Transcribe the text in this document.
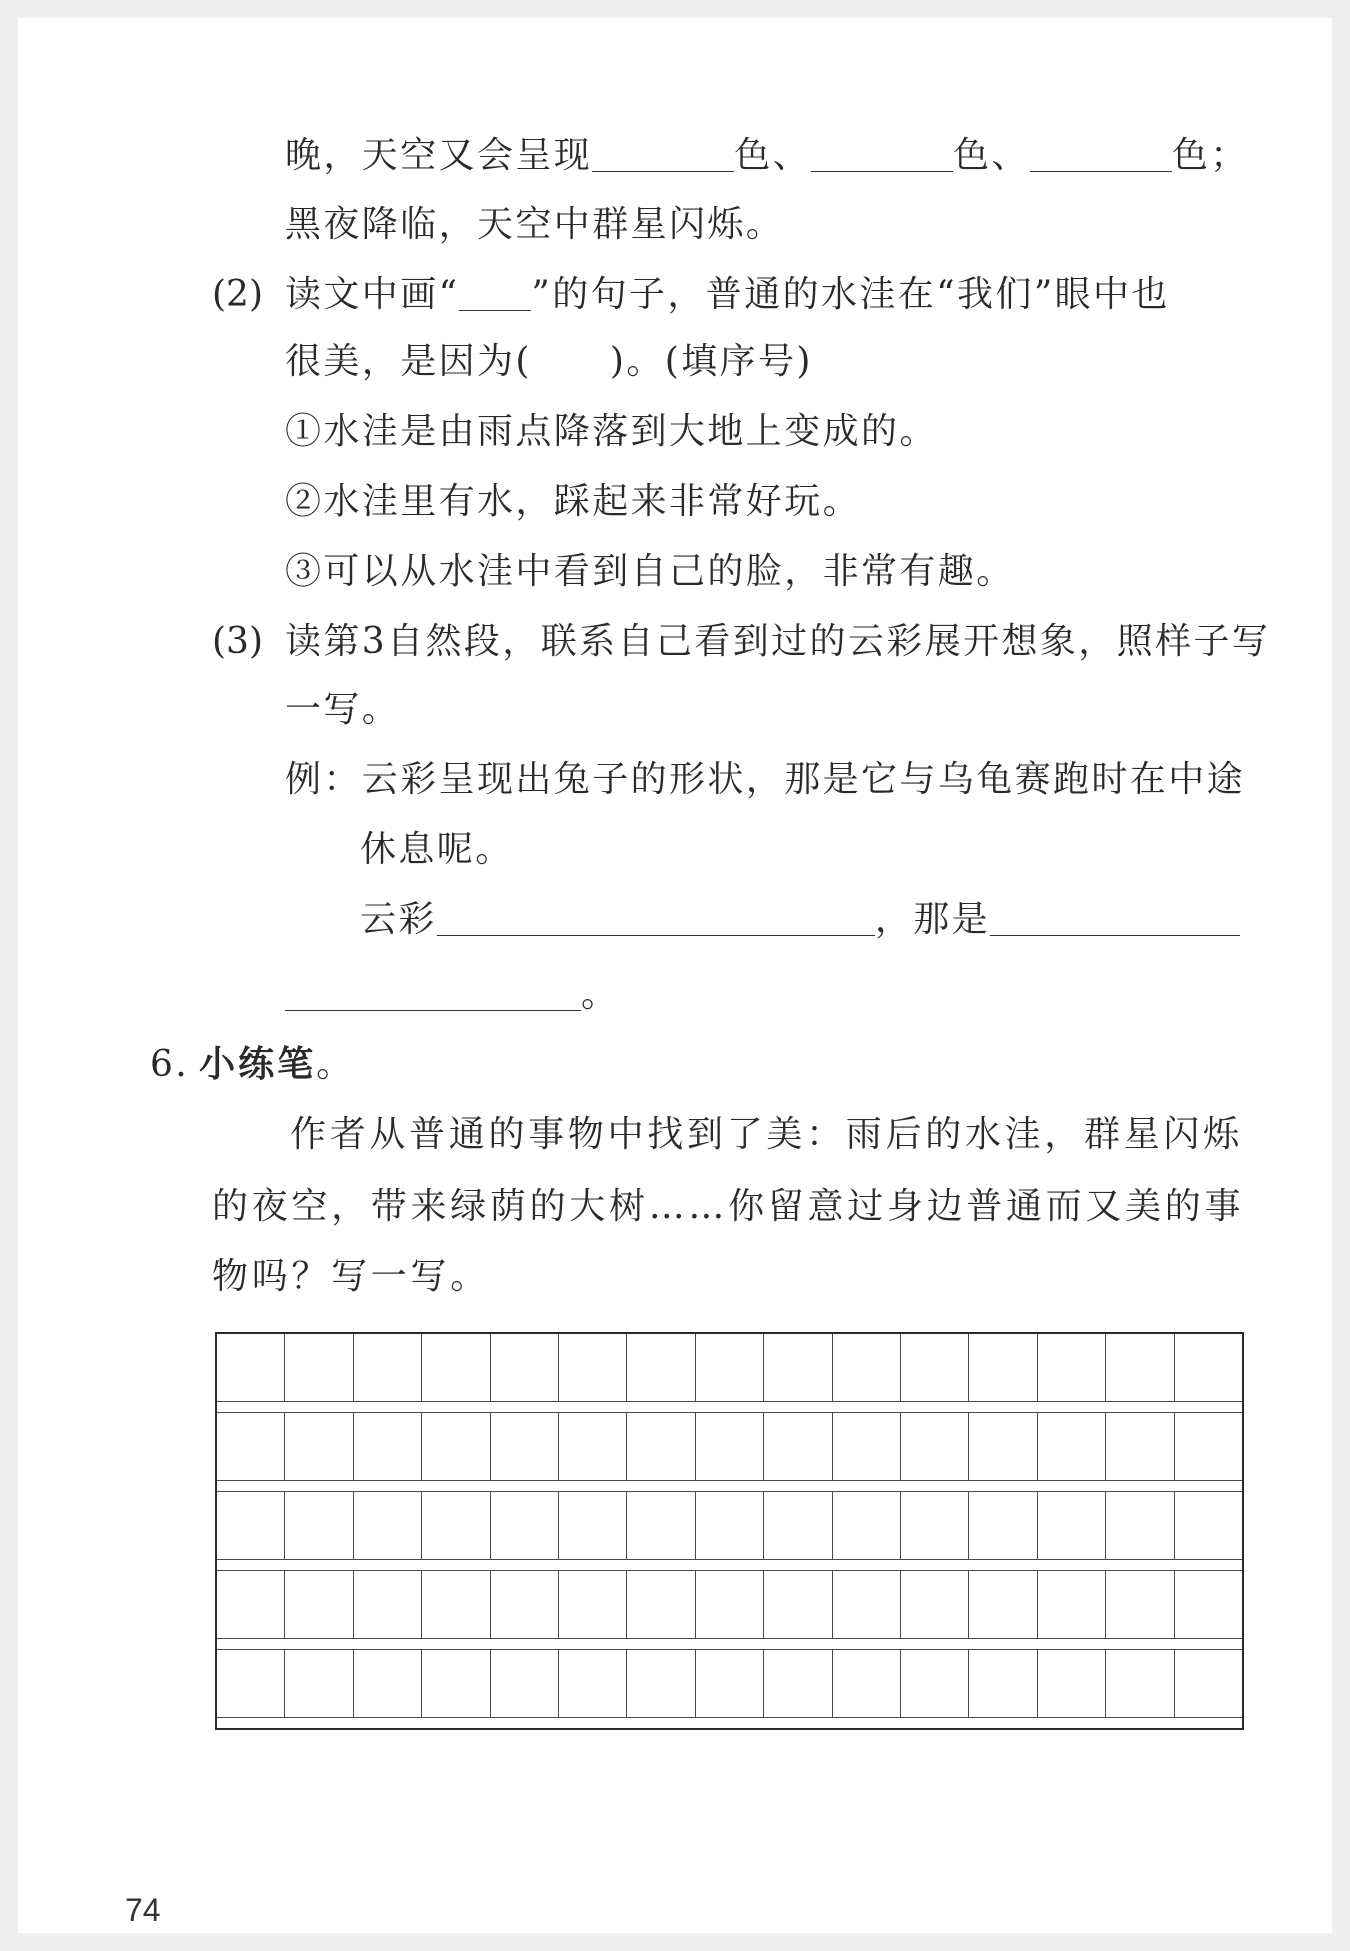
晚，天空又会呈现	色、	色、	色；
黑夜降临，天空中群星闪烁。
(2) 读文中画“ ”的句子，普通的水洼在“我们”眼中也
很美，是因为( )。(填序号)
①水洼是由雨点降落到大地上变成的。
②水洼里有水，踩起来非常好玩。
③可以从水洼中看到自己的脸，非常有趣。
(3) 读第3自然段，联系自己看到过的云彩展开想象，照样子写
一写。
例：云彩呈现出兔子的形状，那是它与乌龟赛跑时在中途
休息呢。
云彩	，那是
。
6. 小练笔。
作者从普通的事物中找到了美：雨后的水洼，群星闪烁
的夜空，带来绿荫的大树……你留意过身边普通而又美的事
物吗？写一写。
74
